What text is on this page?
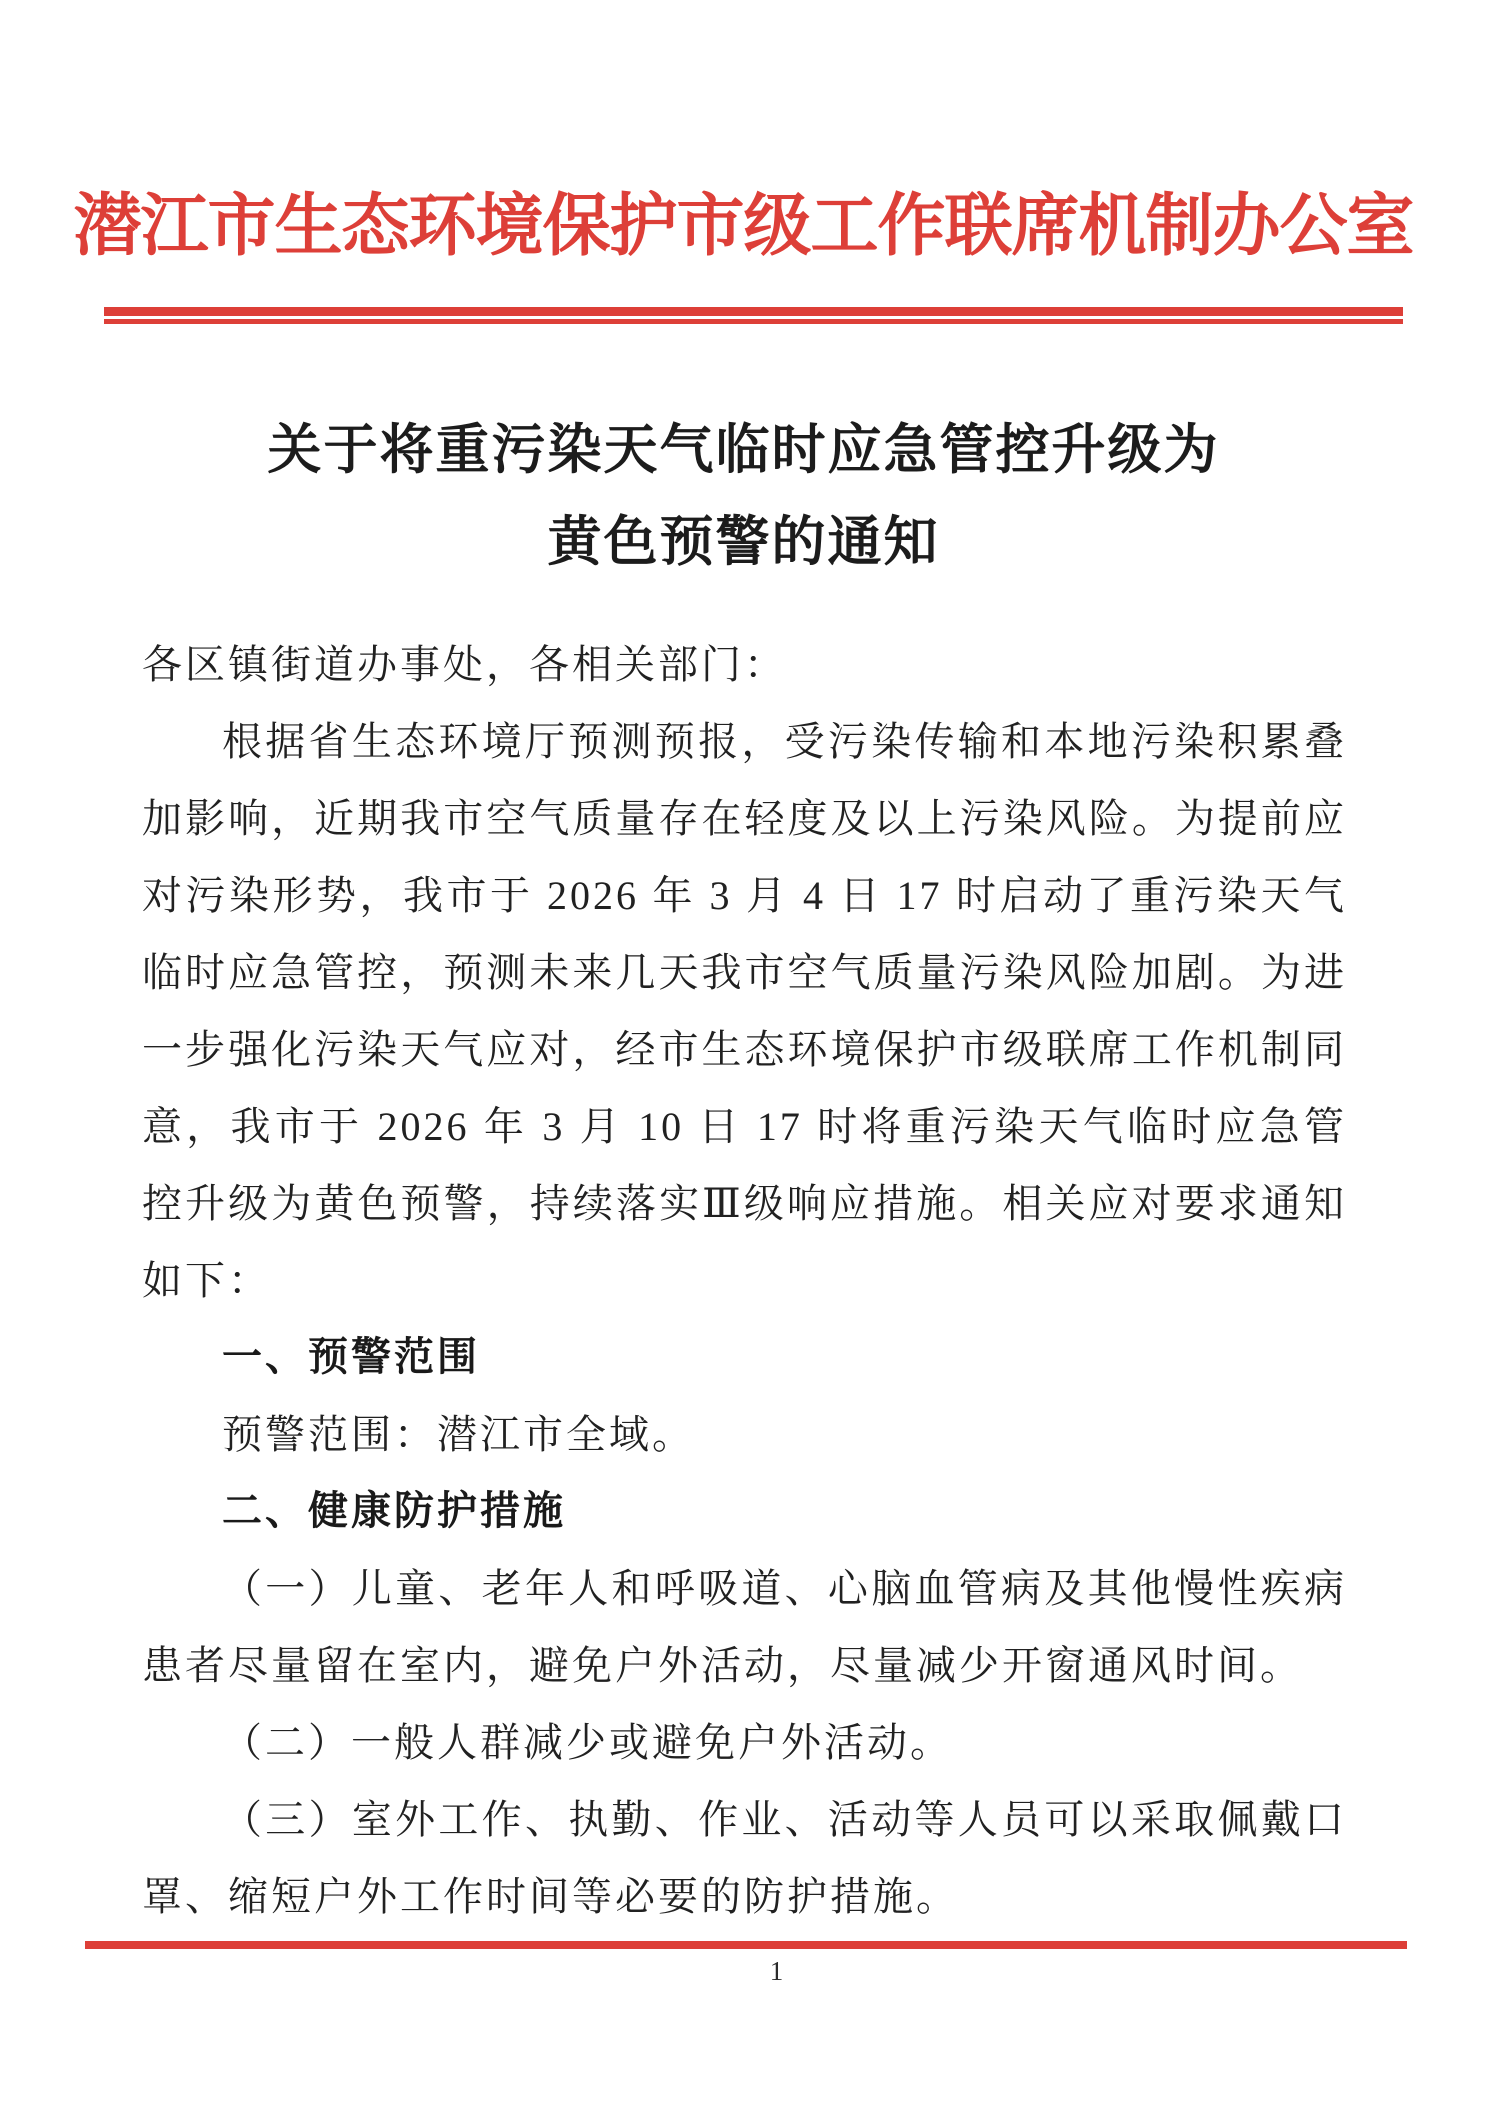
潜江市生态环境保护市级工作联席机制办公室
关于将重污染天气临时应急管控升级为
黄色预警的通知

各区镇街道办事处，各相关部门：

根据省生态环境厅预测预报，受污染传输和本地污染积累叠加影响，近期我市空气质量存在轻度及以上污染风险。为提前应对污染形势，我市于 2026 年 3 月 4 日 17 时启动了重污染天气临时应急管控，预测未来几天我市空气质量污染风险加剧。为进一步强化污染天气应对，经市生态环境保护市级联席工作机制同意，我市于 2026 年 3 月 10 日 17 时将重污染天气临时应急管控升级为黄色预警，持续落实Ⅲ级响应措施。相关应对要求通知如下：

一、预警范围

预警范围：潜江市全域。

二、健康防护措施

（一）儿童、老年人和呼吸道、心脑血管病及其他慢性疾病患者尽量留在室内，避免户外活动，尽量减少开窗通风时间。

（二）一般人群减少或避免户外活动。

（三）室外工作、执勤、作业、活动等人员可以采取佩戴口罩、缩短户外工作时间等必要的防护措施。

1
